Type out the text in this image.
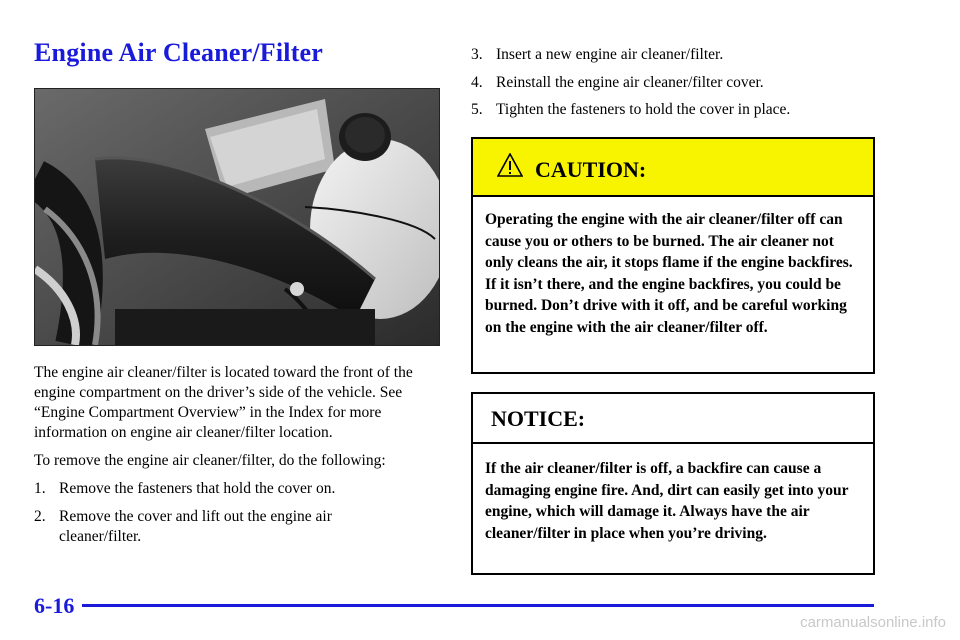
Engine Air Cleaner/Filter

The engine air cleaner/filter is located toward the front of the engine compartment on the driver’s side of the vehicle. See “Engine Compartment Overview” in the Index for more information on engine air cleaner/filter location.

To remove the engine air cleaner/filter, do the following:

1. Remove the fasteners that hold the cover on.
2. Remove the cover and lift out the engine air cleaner/filter.
3. Insert a new engine air cleaner/filter.
4. Reinstall the engine air cleaner/filter cover.
5. Tighten the fasteners to hold the cover in place.
CAUTION:
Operating the engine with the air cleaner/filter off can cause you or others to be burned. The air cleaner not only cleans the air, it stops flame if the engine backfires. If it isn’t there, and the engine backfires, you could be burned. Don’t drive with it off, and be careful working on the engine with the air cleaner/filter off.
NOTICE:
If the air cleaner/filter is off, a backfire can cause a damaging engine fire. And, dirt can easily get into your engine, which will damage it. Always have the air cleaner/filter in place when you’re driving.
6-16
carmanualsonline.info
